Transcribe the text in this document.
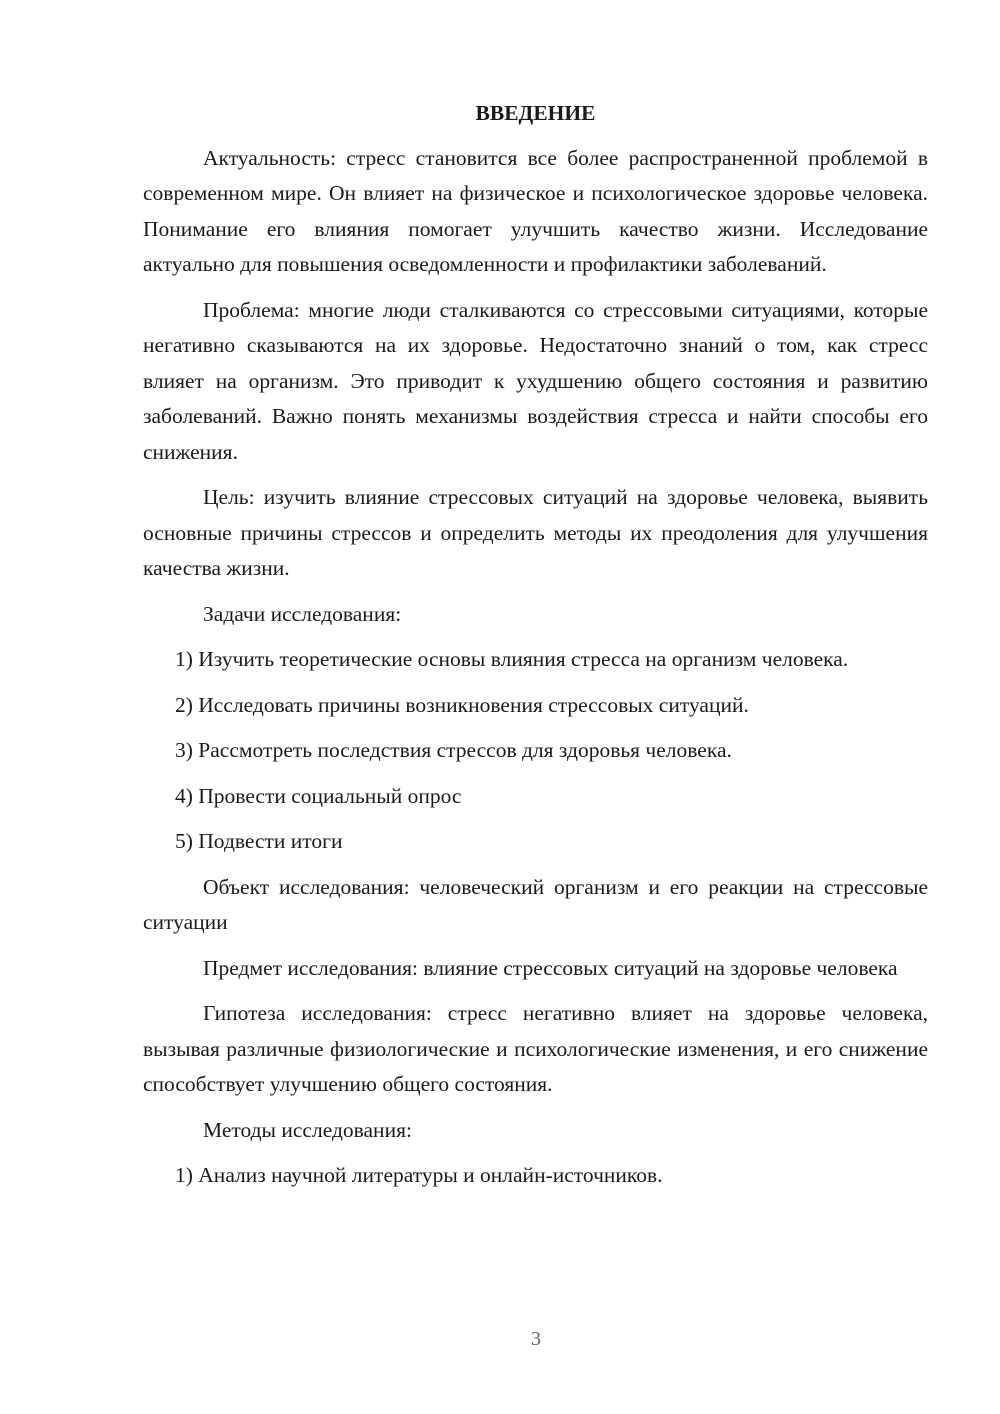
ВВЕДЕНИЕ

Актуальность: стресс становится все более распространенной проблемой в современном мире. Он влияет на физическое и психологическое здоровье человека. Понимание его влияния помогает улучшить качество жизни. Исследование актуально для повышения осведомленности и профилактики заболеваний.

Проблема: многие люди сталкиваются со стрессовыми ситуациями, которые негативно сказываются на их здоровье. Недостаточно знаний о том, как стресс влияет на организм. Это приводит к ухудшению общего состояния и развитию заболеваний. Важно понять механизмы воздействия стресса и найти способы его снижения.

Цель: изучить влияние стрессовых ситуаций на здоровье человека, выявить основные причины стрессов и определить методы их преодоления для улучшения качества жизни.

Задачи исследования:

1) Изучить теоретические основы влияния стресса на организм человека.

2) Исследовать причины возникновения стрессовых ситуаций.

3) Рассмотреть последствия стрессов для здоровья человека.

4) Провести социальный опрос

5) Подвести итоги

Объект исследования: человеческий организм и его реакции на стрессовые ситуации

Предмет исследования: влияние стрессовых ситуаций на здоровье человека

Гипотеза исследования: стресс негативно влияет на здоровье человека, вызывая различные физиологические и психологические изменения, и его снижение способствует улучшению общего состояния.

Методы исследования:

1) Анализ научной литературы и онлайн-источников.

3
